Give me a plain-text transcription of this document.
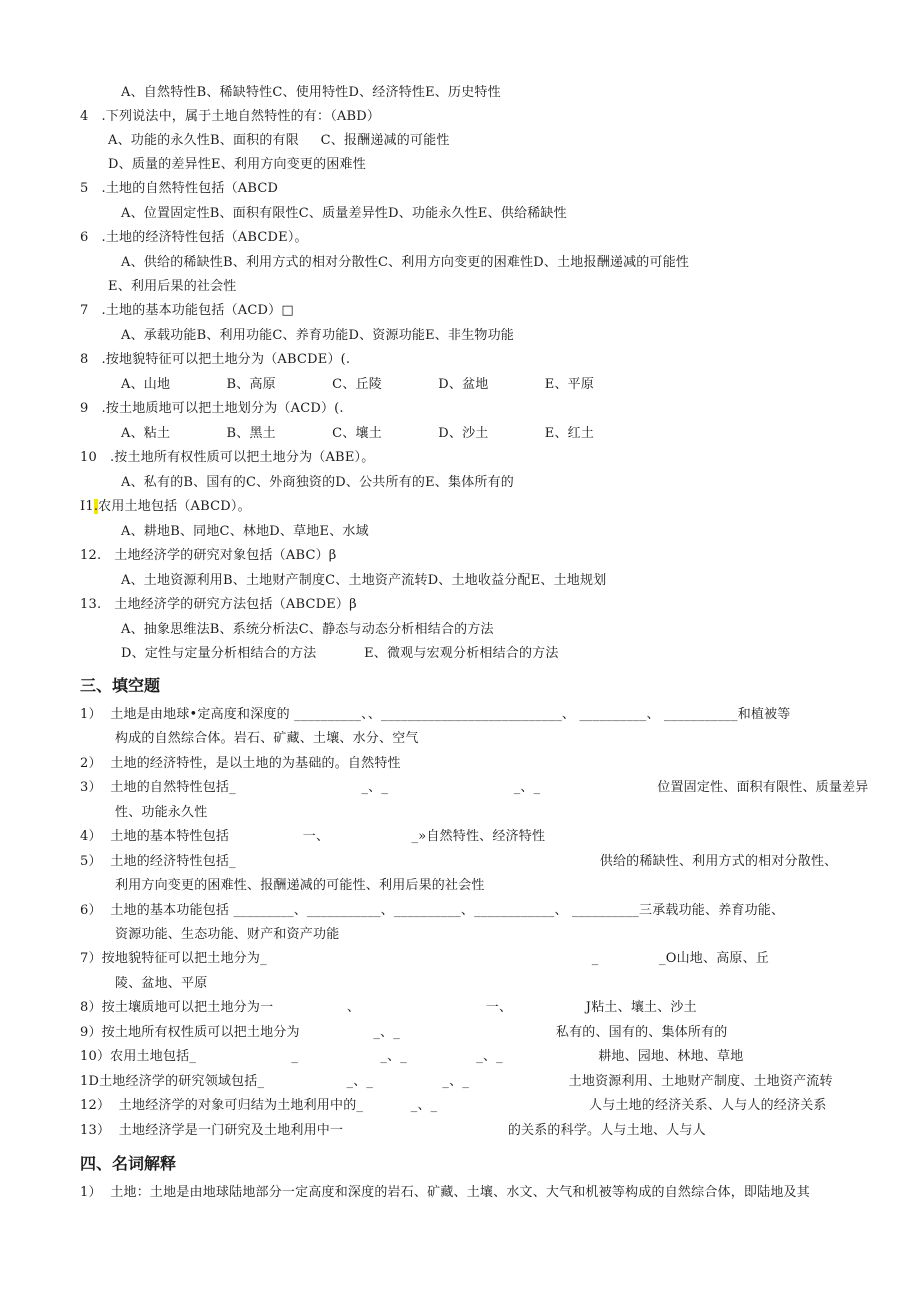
A、自然特性B、稀缺特性C、使用特性D、经济特性E、历史特性
4   .下列说法中，属于土地自然特性的有：（ABD）
A、功能的永久性B、面积的有限     C、报酬递减的可能性
D、质量的差异性E、利用方向变更的困难性
5   .土地的自然特性包括（ABCD
A、位置固定性B、面积有限性C、质量差异性D、功能永久性E、供给稀缺性
6   .土地的经济特性包括（ABCDE）。
A、供给的稀缺性B、利用方式的相对分散性C、利用方向变更的困难性D、土地报酬递减的可能性
E、利用后果的社会性
7   .土地的基本功能包括（ACD）□
A、承载功能B、利用功能C、养育功能D、资源功能E、非生物功能
8   .按地貌特征可以把土地分为（ABCDE）(.
A、山地             B、高原             C、丘陵             D、盆地             E、平原
9   .按土地质地可以把土地划分为（ACD）(.
A、粘土             B、黑土             C、壤土             D、沙土             E、红土
10   .按土地所有权性质可以把土地分为（ABE）。
A、私有的B、国有的C、外商独资的D、公共所有的E、集体所有的
I1.农用土地包括（ABCD）。
A、耕地B、同地C、林地D、草地E、水域
12.   土地经济学的研究对象包括（ABC）β
A、土地资源利用B、土地财产制度C、土地资产流转D、土地收益分配E、土地规划
13.   土地经济学的研究方法包括（ABCDE）β
A、抽象思维法B、系统分析法C、静态与动态分析相结合的方法
D、定性与定量分析相结合的方法           E、微观与宏观分析相结合的方法
三、填空题
1）  土地是由地球•定高度和深度的 __________、、___________________________、 __________、 ___________和植被等
构成的自然综合体。岩石、矿藏、土壤、水分、空气
2）  土地的经济特性，是以土地的为基础的。自然特性
3）  土地的自然特性包括_                             _、_                             _、_                           位置固定性、面积有限性、质量差异
性、功能永久性
4）  土地的基本特性包括                 一、                   _»自然特性、经济特性
5）  土地的经济特性包括_                                                                                    供给的稀缺性、利用方式的相对分散性、
利用方向变更的困难性、报酬递减的可能性、利用后果的社会性
6）  土地的基本功能包括 _________、___________、__________、____________、 __________三承载功能、养育功能、
资源功能、生态功能、财产和资产功能
7）按地貌特征可以把土地分为_                                                                           _              _O山地、高原、丘
陵、盆地、平原
8）按土壤质地可以把土地分为一                 、                             一、                 J粘土、壤土、沙土
9）按土地所有权性质可以把土地分为                 _、_                                    私有的、国有的、集体所有的
10）农用土地包括_                      _                   _、_                _、_                      耕地、园地、林地、草地
1D土地经济学的研究领域包括_                   _、_                _、_                       土地资源利用、土地财产制度、土地资产流转
12）  土地经济学的对象可归结为土地利用中的_           _、_                                   人与土地的经济关系、人与人的经济关系
13）  土地经济学是一门研究及土地利用中一                                      的关系的科学。人与土地、人与人
四、名词解释
1）  土地：土地是由地球陆地部分一定高度和深度的岩石、矿藏、土壤、水文、大气和机被等构成的自然综合体，即陆地及其
